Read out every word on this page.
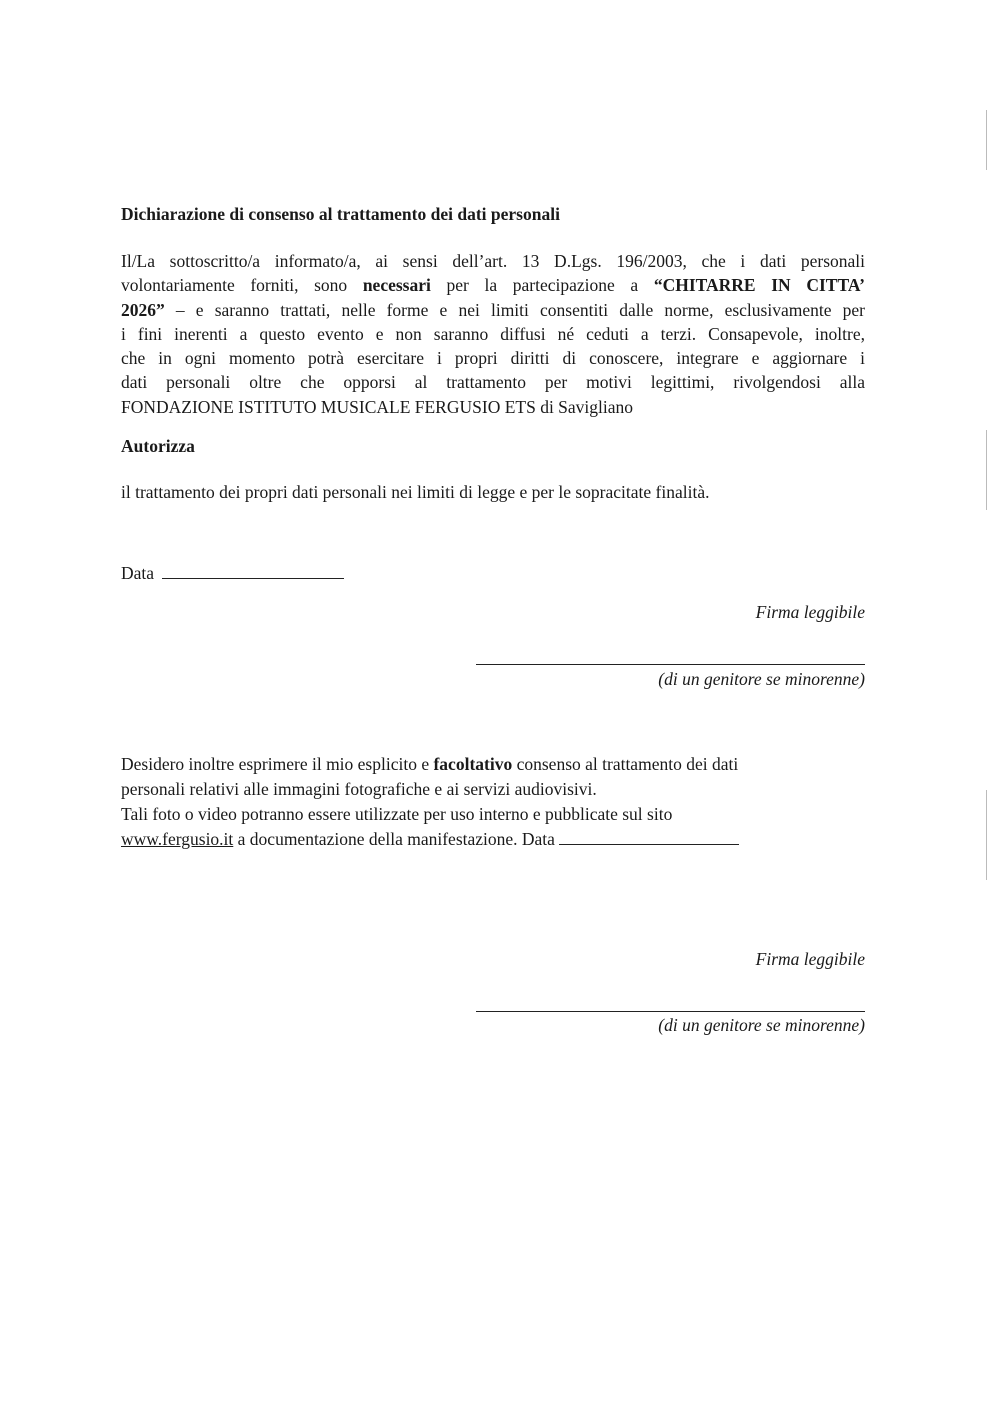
Dichiarazione di consenso al trattamento dei dati personali
Il/La sottoscritto/a informato/a, ai sensi dell’art. 13 D.Lgs. 196/2003, che i dati personali
volontariamente forniti, sono necessari per la partecipazione a “CHITARRE IN CITTA’
2026” – e saranno trattati, nelle forme e nei limiti consentiti dalle norme, esclusivamente per
i fini inerenti a questo evento e non saranno diffusi né ceduti a terzi. Consapevole, inoltre,
che in ogni momento potrà esercitare i propri diritti di conoscere, integrare e aggiornare i
dati personali oltre che opporsi al trattamento per motivi legittimi, rivolgendosi alla
FONDAZIONE ISTITUTO MUSICALE FERGUSIO ETS di Savigliano
Autorizza
il trattamento dei propri dati personali nei limiti di legge e per le sopracitate finalità.
Data
Firma leggibile
(di un genitore se minorenne)
Desidero inoltre esprimere il mio esplicito e facoltativo consenso al trattamento dei dati
personali relativi alle immagini fotografiche e ai servizi audiovisivi.
Tali foto o video potranno essere utilizzate per uso interno e pubblicate sul sito
www.fergusio.it a documentazione della manifestazione. Data
Firma leggibile
(di un genitore se minorenne)
